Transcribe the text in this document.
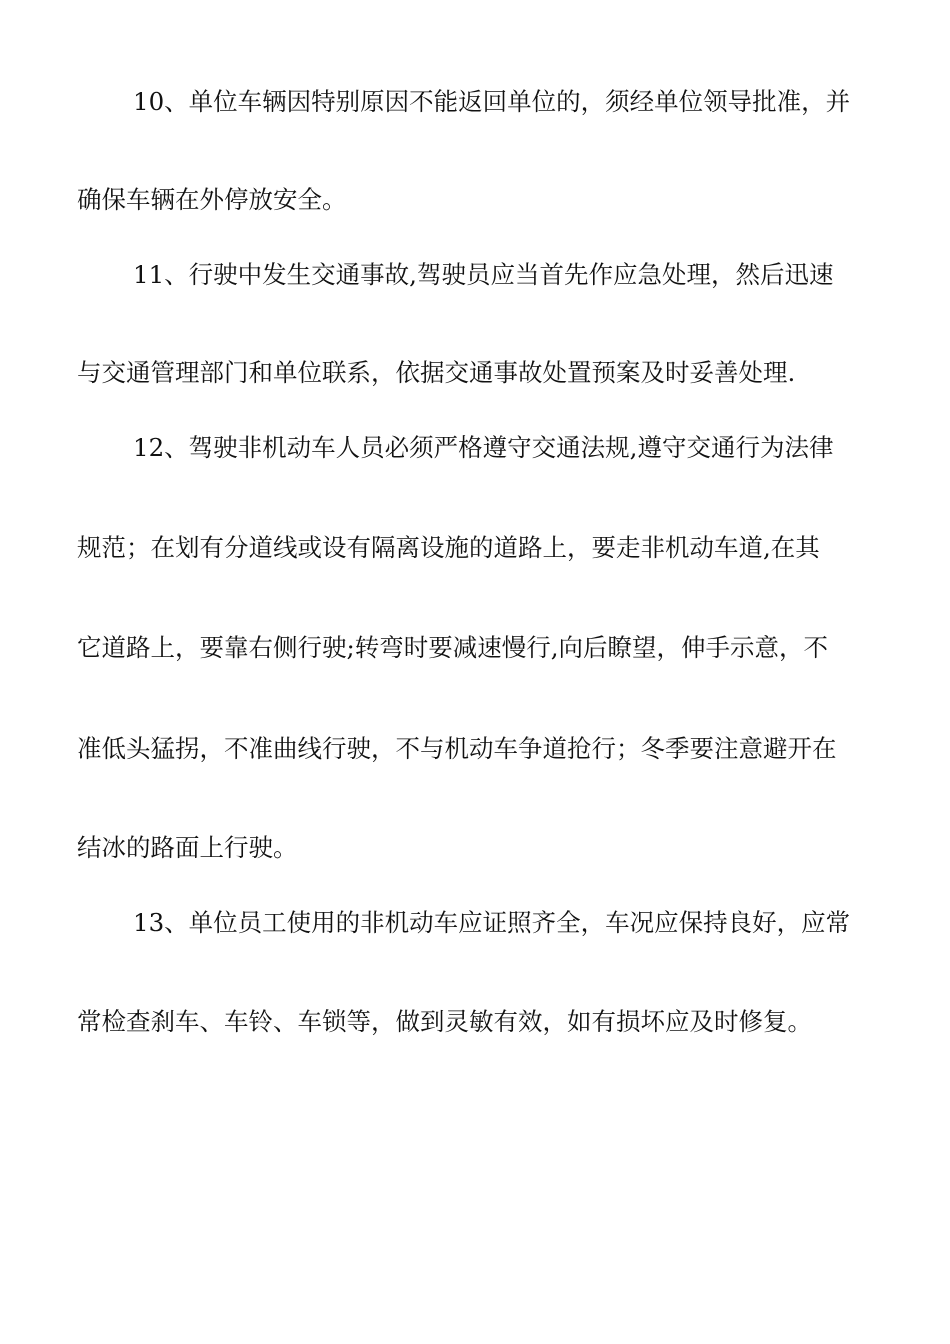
10、单位车辆因特别原因不能返回单位的，须经单位领导批准，并
确保车辆在外停放安全。
11、行驶中发生交通事故,驾驶员应当首先作应急处理，然后迅速
与交通管理部门和单位联系，依据交通事故处置预案及时妥善处理.
12、驾驶非机动车人员必须严格遵守交通法规,遵守交通行为法律
规范；在划有分道线或设有隔离设施的道路上，要走非机动车道,在其
它道路上，要靠右侧行驶;转弯时要减速慢行,向后瞭望，伸手示意，不
准低头猛拐，不准曲线行驶，不与机动车争道抢行；冬季要注意避开在
结冰的路面上行驶。
13、单位员工使用的非机动车应证照齐全，车况应保持良好，应常
常检查刹车、车铃、车锁等，做到灵敏有效，如有损坏应及时修复。
